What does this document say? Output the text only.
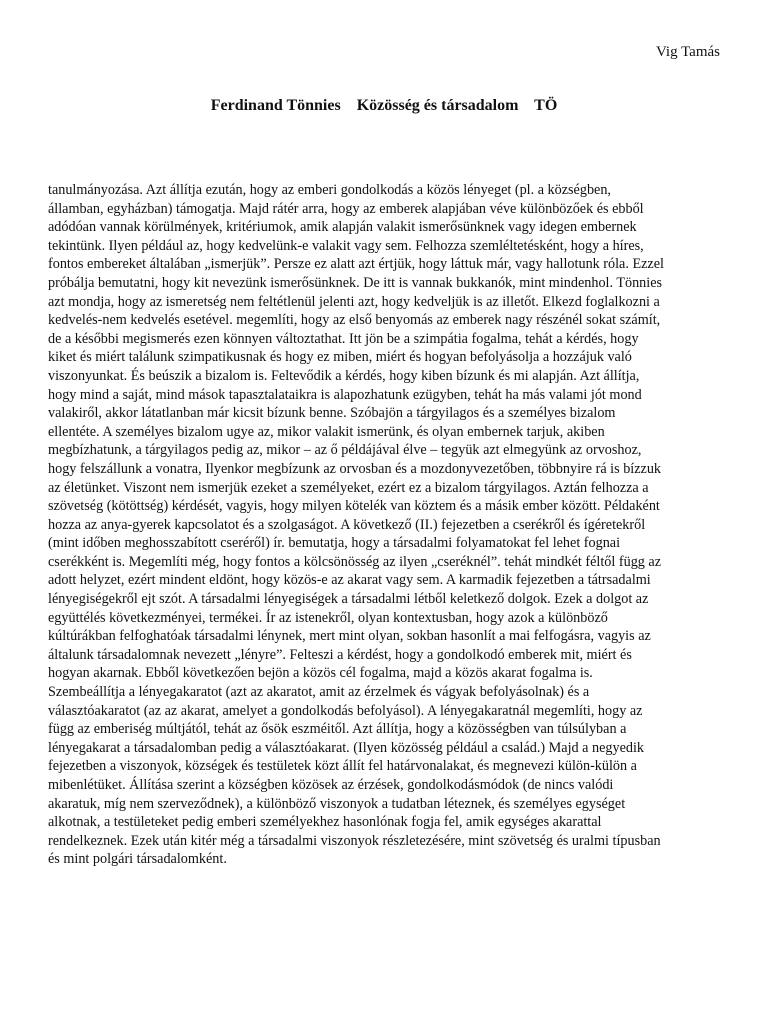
Vig Tamás
Ferdinand Tönnies    Közösség és társadalom    TÖ
tanulmányozása. Azt állítja ezután, hogy az emberi gondolkodás a közös lényeget (pl. a községben,
államban, egyházban) támogatja. Majd rátér arra, hogy az emberek alapjában véve különbözőek és ebből
adódóan vannak körülmények, kritériumok, amik alapján valakit ismerősünknek vagy idegen embernek
tekintünk. Ilyen például az, hogy kedvelünk-e valakit vagy sem. Felhozza szemléltetésként, hogy a híres,
fontos embereket általában „ismerjük”. Persze ez alatt azt értjük, hogy láttuk már, vagy hallotunk róla. Ezzel
próbálja bemutatni, hogy kit nevezünk ismerősünknek. De itt is vannak bukkanók, mint mindenhol. Tönnies
azt mondja, hogy az ismeretség nem feltétlenül jelenti azt, hogy kedveljük is az illetőt. Elkezd foglalkozni a
kedvelés-nem kedvelés esetével. megemlíti, hogy az első benyomás az emberek nagy részénél sokat számít,
de a későbbi megismerés ezen könnyen változtathat. Itt jön be a szimpátia fogalma, tehát a kérdés, hogy
kiket és miért találunk szimpatikusnak és hogy ez miben, miért és hogyan befolyásolja a hozzájuk való
viszonyunkat. És beúszik a bizalom is. Feltevődik a kérdés, hogy kiben bízunk és mi alapján. Azt állítja,
hogy mind a saját, mind mások tapasztalataikra is alapozhatunk ezügyben, tehát ha más valami jót mond
valakiről, akkor látatlanban már kicsit bízunk benne. Szóbajön a tárgyilagos és a személyes bizalom
ellentéte. A személyes bizalom ugye az, mikor valakit ismerünk, és olyan embernek tarjuk, akiben
megbízhatunk, a tárgyilagos pedig az, mikor – az ő példájával élve – tegyük azt elmegyünk az orvoshoz,
hogy felszállunk a vonatra, Ilyenkor megbízunk az orvosban és a mozdonyvezetőben, többnyire rá is bízzuk
az életünket. Viszont nem ismerjük ezeket a személyeket, ezért ez a bizalom tárgyilagos. Aztán felhozza a
szövetség (kötöttség) kérdését, vagyis, hogy milyen kötelék van köztem és a másik ember között. Példaként
hozza az anya-gyerek kapcsolatot és a szolgaságot. A következő (II.) fejezetben a cserékről és ígéretekről
(mint időben meghosszabított cseréről) ír. bemutatja, hogy a társadalmi folyamatokat fel lehet fognai
cserékként is. Megemlíti még, hogy fontos a kölcsönösség az ilyen „cseréknél”. tehát mindkét féltől függ az
adott helyzet, ezért mindent eldönt, hogy közös-e az akarat vagy sem. A karmadik fejezetben a tátrsadalmi
lényegiségekről ejt szót. A társadalmi lényegiségek a társadalmi létből keletkező dolgok. Ezek a dolgot az
együttélés következményei, termékei. Ír az istenekről, olyan kontextusban, hogy azok a különböző
kúltúrákban felfoghatóak társadalmi lénynek, mert mint olyan, sokban hasonlít a mai felfogásra, vagyis az
általunk társadalomnak nevezett „lényre”. Felteszi a kérdést, hogy a gondolkodó emberek mit, miért és
hogyan akarnak. Ebből következően bejön a közös cél fogalma, majd a közös akarat fogalma is.
Szembeállítja a lényegakaratot (azt az akaratot, amit az érzelmek és vágyak befolyásolnak) és a
választóakaratot (az az akarat, amelyet a gondolkodás befolyásol). A lényegakaratnál megemlíti, hogy az
függ az emberiség múltjától, tehát az ősök eszméitől. Azt állítja, hogy a közösségben van túlsúlyban a
lényegakarat a társadalomban pedig a választóakarat. (Ilyen közösség például a család.) Majd a negyedik
fejezetben a viszonyok, községek és testületek közt állít fel határvonalakat, és megnevezi külön-külön a
mibenlétüket. Állítása szerint a községben közösek az érzések, gondolkodásmódok (de nincs valódi
akaratuk, míg nem szerveződnek), a különböző viszonyok a tudatban léteznek, és személyes egységet
alkotnak, a testületeket pedig emberi személyekhez hasonlónak fogja fel, amik egységes akarattal
rendelkeznek. Ezek után kitér még a társadalmi viszonyok részletezésére, mint szövetség és uralmi típusban
és mint polgári társadalomként.
